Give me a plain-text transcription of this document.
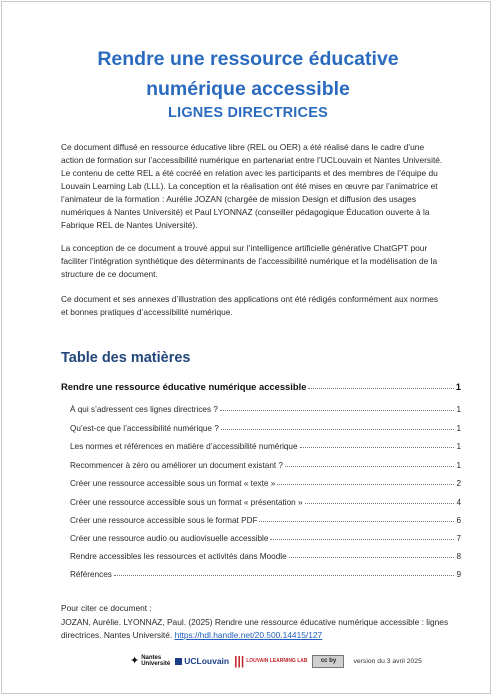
Rendre une ressource éducative
numérique accessible
LIGNES DIRECTRICES

Ce document diffusé en ressource éducative libre (REL ou OER) a été réalisé dans le cadre d’une action de formation sur l’accessibilité numérique en partenariat entre l’UCLouvain et Nantes Université. Le contenu de cette REL a été cocréé en relation avec les participants et des membres de l’équipe du Louvain Learning Lab (LLL). La conception et la réalisation ont été mises en œuvre par l’animatrice et l’animateur de la formation : Aurélie JOZAN (chargée de mission Design et diffusion des usages numériques à Nantes Université) et Paul LYONNAZ (conseiller pédagogique Éducation ouverte à la Fabrique REL de Nantes Université).

La conception de ce document a trouvé appui sur l’intelligence artificielle générative ChatGPT pour faciliter l’intégration synthétique des déterminants de l’accessibilité numérique et la modélisation de la structure de ce document.

Ce document et ses annexes d’illustration des applications ont été rédigés conformément aux normes et bonnes pratiques d’accessibilité numérique.

Table des matières
Rendre une ressource éducative numérique accessible	1
À qui s’adressent ces lignes directrices ?	1
Qu’est-ce que l’accessibilité numérique ?	1
Les normes et références en matière d’accessibilité numérique	1
Recommencer à zéro ou améliorer un document existant ?	1
Créer une ressource accessible sous un format « texte »	2
Créer une ressource accessible sous un format « présentation »	4
Créer une ressource accessible sous le format PDF	6
Créer une ressource audio ou audiovisuelle accessible	7
Rendre accessibles les ressources et activités dans Moodle	8
Références	9
Pour citer ce document :
JOZAN, Aurélie. LYONNAZ, Paul. (2025) Rendre une ressource éducative numérique accessible : lignes directrices. Nantes Université. https://hdl.handle.net/20.500.14415/127
✦ Nantes
Université UCLouvain ||| LOUVAIN LEARNING LAB	cc by	version du 3 avril 2025
